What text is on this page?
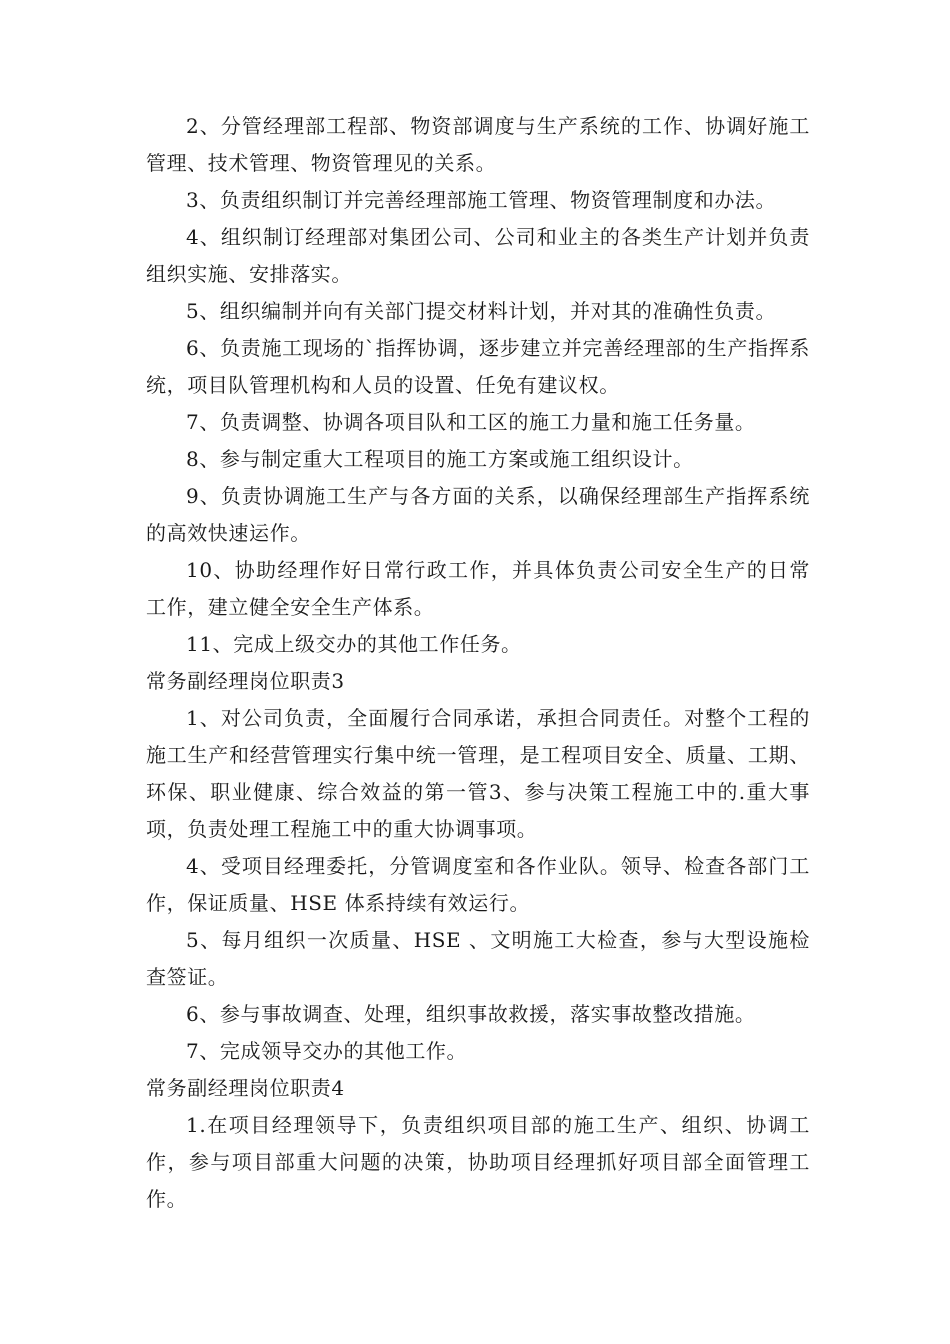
2、分管经理部工程部、物资部调度与生产系统的工作、协调好施工管理、技术管理、物资管理见的关系。

3、负责组织制订并完善经理部施工管理、物资管理制度和办法。

4、组织制订经理部对集团公司、公司和业主的各类生产计划并负责组织实施、安排落实。

5、组织编制并向有关部门提交材料计划，并对其的准确性负责。

6、负责施工现场的`指挥协调，逐步建立并完善经理部的生产指挥系统，项目队管理机构和人员的设置、任免有建议权。

7、负责调整、协调各项目队和工区的施工力量和施工任务量。

8、参与制定重大工程项目的施工方案或施工组织设计。

9、负责协调施工生产与各方面的关系，以确保经理部生产指挥系统的高效快速运作。

10、协助经理作好日常行政工作，并具体负责公司安全生产的日常工作，建立健全安全生产体系。

11、完成上级交办的其他工作任务。

常务副经理岗位职责3

1、对公司负责，全面履行合同承诺，承担合同责任。对整个工程的施工生产和经营管理实行集中统一管理，是工程项目安全、质量、工期、环保、职业健康、综合效益的第一管3、参与决策工程施工中的.重大事项，负责处理工程施工中的重大协调事项。

4、受项目经理委托，分管调度室和各作业队。领导、检查各部门工作，保证质量、HSE 体系持续有效运行。

5、每月组织一次质量、HSE 、文明施工大检查，参与大型设施检查签证。

6、参与事故调查、处理，组织事故救援，落实事故整改措施。

7、完成领导交办的其他工作。

常务副经理岗位职责4

1.在项目经理领导下，负责组织项目部的施工生产、组织、协调工作，参与项目部重大问题的决策，协助项目经理抓好项目部全面管理工作。
